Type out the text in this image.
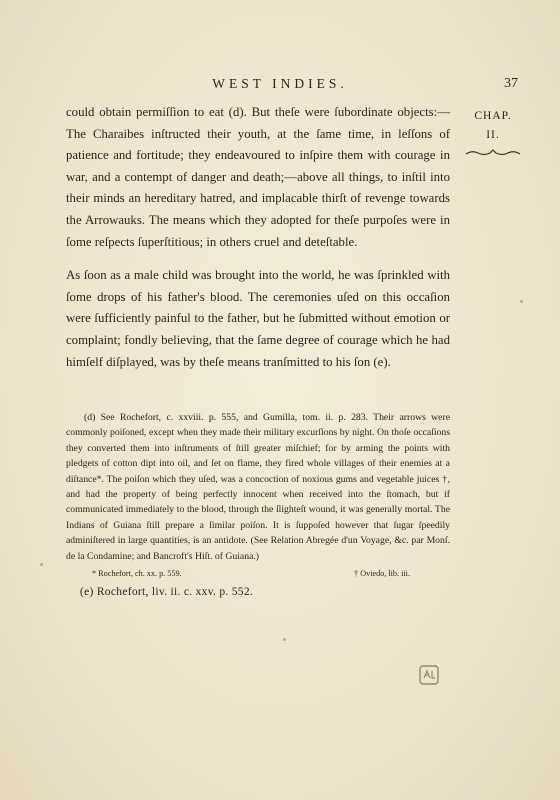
WEST INDIES.	37
CHAP.
II.

could obtain permiſſion to eat (d). But theſe were ſubordinate objects:—The Charaibes inſtructed their youth, at the ſame time, in leſſons of patience and fortitude; they endeavoured to inſpire them with courage in war, and a contempt of danger and death;—above all things, to inſtil into their minds an hereditary hatred, and implacable thirſt of revenge towards the Arrowauks. The means which they adopted for theſe purpoſes were in ſome reſpects ſuperſtitious; in others cruel and deteſtable.

As ſoon as a male child was brought into the world, he was ſprinkled with ſome drops of his father's blood. The ceremonies uſed on this occaſion were ſufficiently painful to the father, but he ſubmitted without emotion or complaint; fondly believing, that the ſame degree of courage which he had himſelf diſplayed, was by theſe means tranſmitted to his ſon (e).

(d) See Rochefort, c. xxviii. p. 555, and Gumilla, tom. ii. p. 283. Their arrows were commonly poiſoned, except when they made their military excurſions by night. On thoſe occaſions they converted them into inſtruments of ſtill greater miſchief; for by arming the points with pledgets of cotton dipt into oil, and ſet on flame, they fired whole villages of their enemies at a diſtance*. The poiſon which they uſed, was a concoction of noxious gums and vegetable juices †, and had the property of being perfectly innocent when received into the ſtomach, but if communicated immediately to the blood, through the ſlighteſt wound, it was generally mortal. The Indians of Guiana ſtill prepare a ſimilar poiſon. It is ſuppoſed however that ſugar ſpeedily adminiſtered in large quantities, is an antidote. (See Relation Abregée d'un Voyage, &c. par Monſ. de la Condamine; and Bancroft's Hiſt. of Guiana.)

* Rochefort, ch. xx. p. 559.	† Oviedo, lib. iii.

(e) Rochefort, liv. ii. c. xxv. p. 552.
